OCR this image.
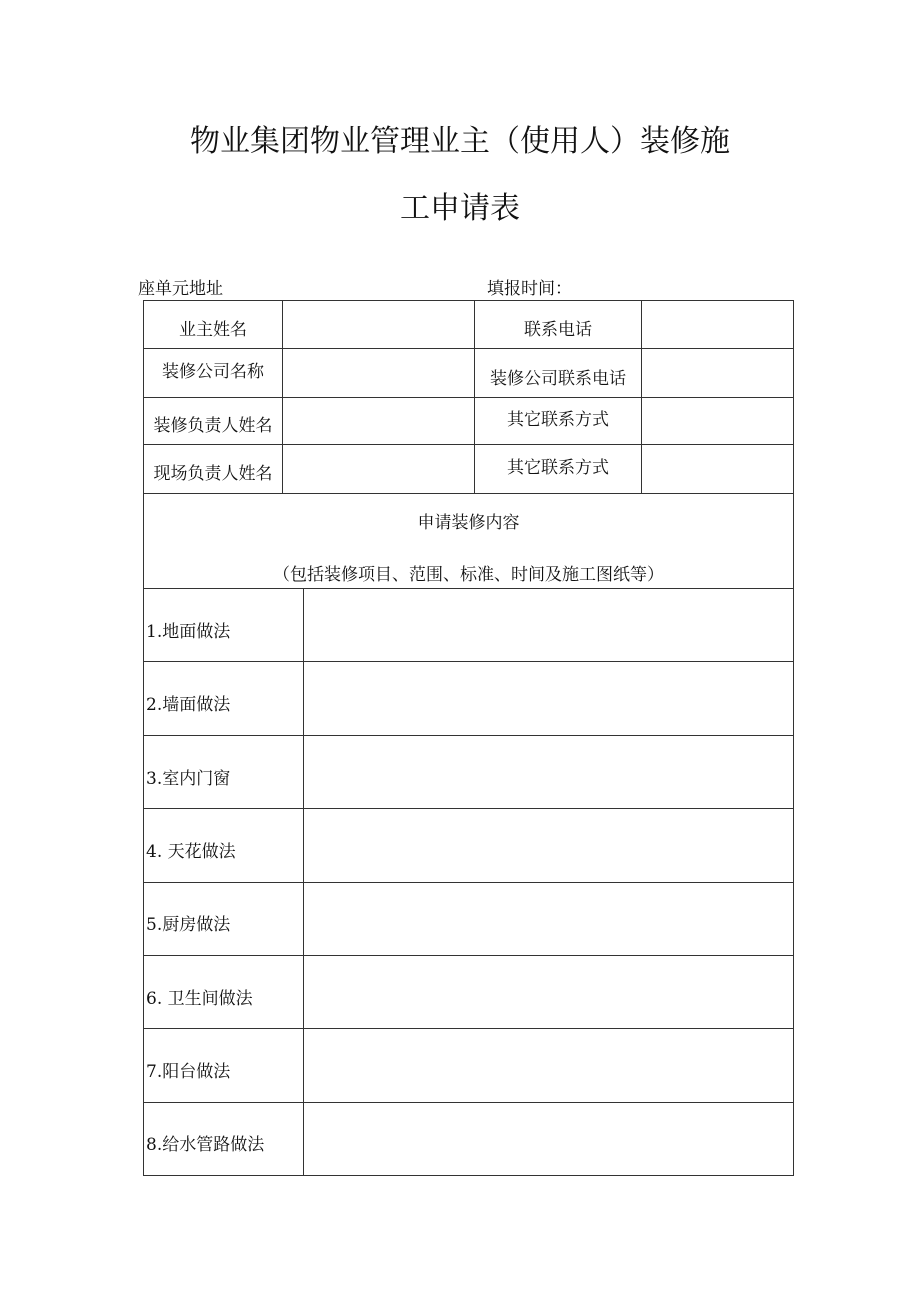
物业集团物业管理业主（使用人）装修施
工申请表
座单元地址	填报时间：
业主姓名	联系电话
装修公司名称	装修公司联系电话
装修负责人姓名	其它联系方式
现场负责人姓名	其它联系方式
申请装修内容
（包括装修项目、范围、标准、时间及施工图纸等）
1.地面做法
2.墙面做法
3.室内门窗
4. 天花做法
5.厨房做法
6. 卫生间做法
7.阳台做法
8.给水管路做法
